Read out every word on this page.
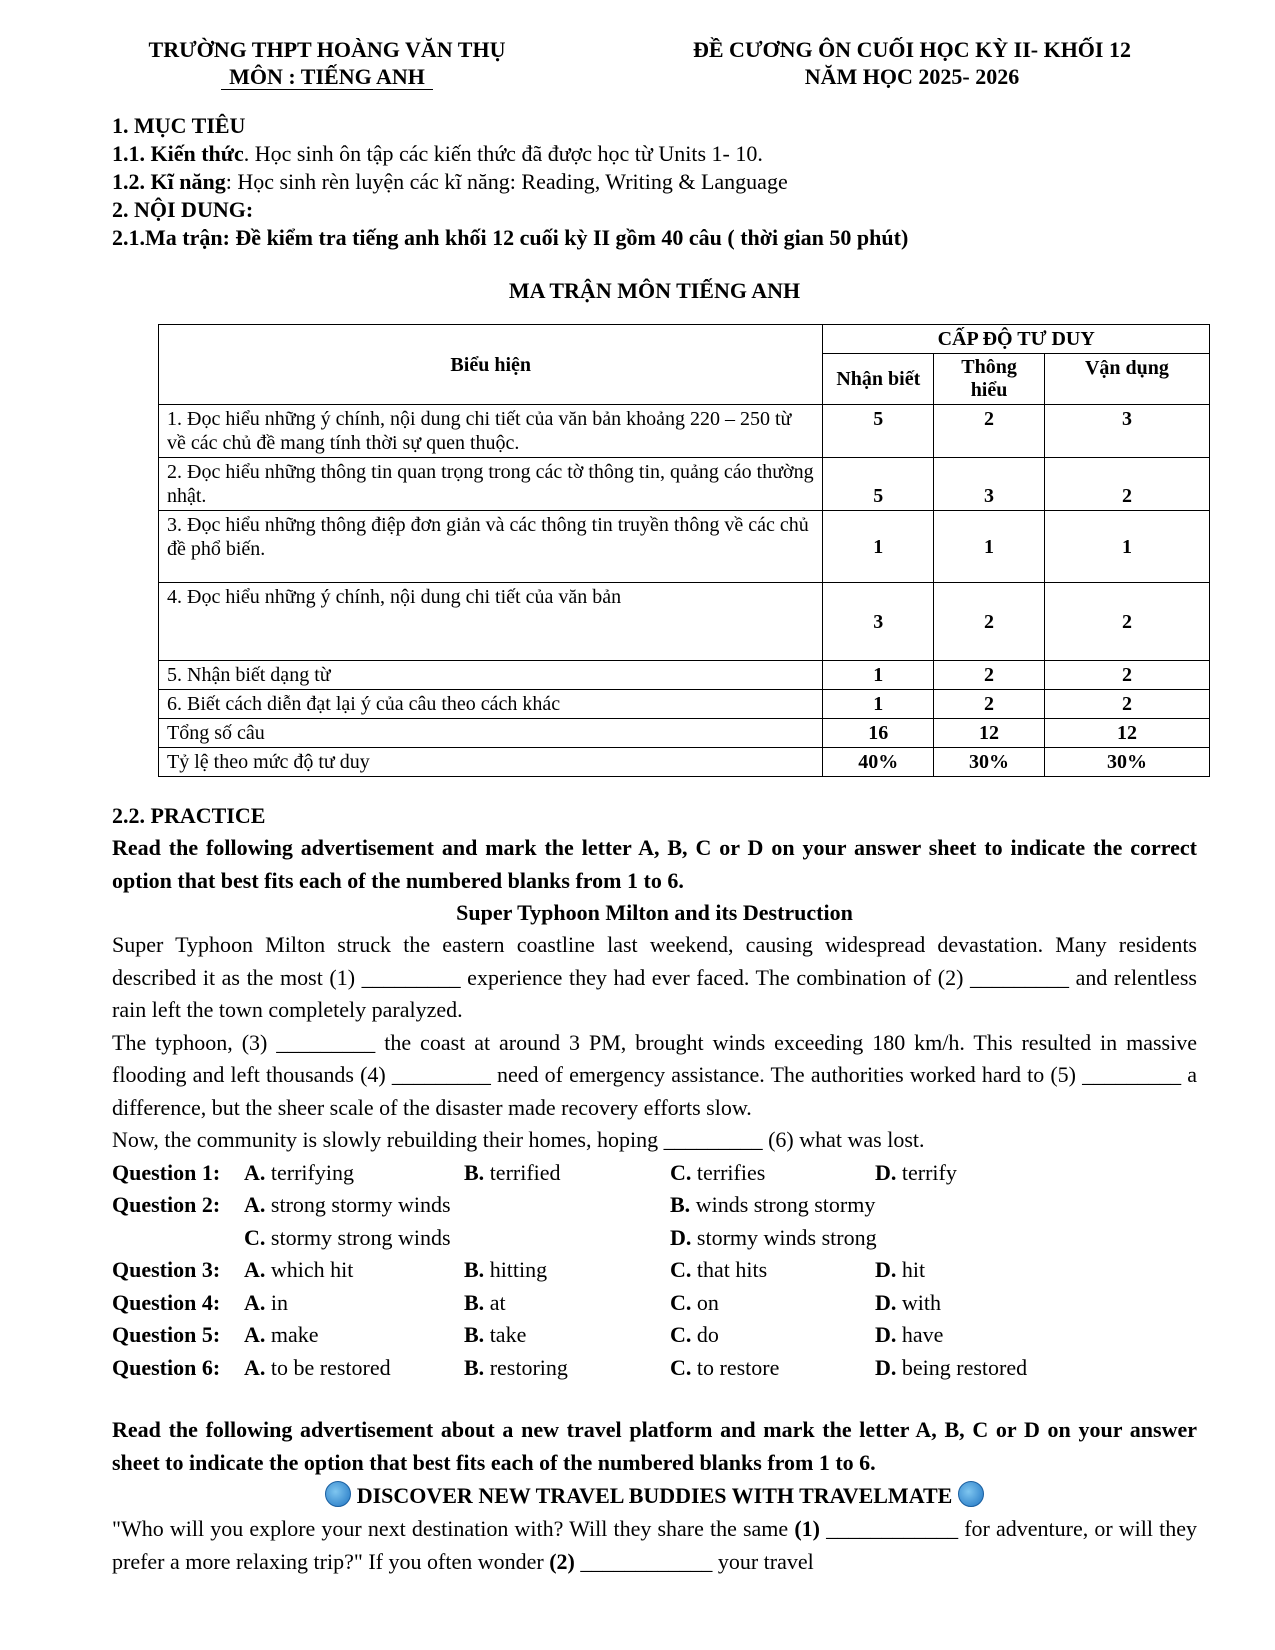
TRƯỜNG THPT HOÀNG VĂN THỤ
MÔN : TIẾNG ANH
ĐỀ CƯƠNG ÔN CUỐI HỌC KỲ II- KHỐI 12
NĂM HỌC 2025- 2026
1. MỤC TIÊU
1.1. Kiến thức. Học sinh ôn tập các kiến thức đã được học từ Units 1- 10.
1.2. Kĩ năng: Học sinh rèn luyện các kĩ năng: Reading, Writing & Language
2. NỘI DUNG:
2.1.Ma trận: Đề kiểm tra tiếng anh khối 12 cuối kỳ II gồm 40 câu ( thời gian 50 phút)
MA TRẬN MÔN TIẾNG ANH
Biểu hiện	CẤP ĐỘ TƯ DUY		
	Nhận biết	Thông hiểu	Vận dụng
1. Đọc hiểu những ý chính, nội dung chi tiết của văn bản khoảng 220 – 250 từ về các chủ đề mang tính thời sự quen thuộc.	5	2	3
2. Đọc hiểu những thông tin quan trọng trong các tờ thông tin, quảng cáo thường nhật.	5	3	2
3. Đọc hiểu những thông điệp đơn giản và các thông tin truyền thông về các chủ đề phổ biến.	1	1	1
4. Đọc hiểu những ý chính, nội dung chi tiết của văn bản	3	2	2
5. Nhận biết dạng từ	1	2	2
6. Biết cách diễn đạt lại ý của câu theo cách khác	1	2	2
Tổng số câu	16	12	12
Tỷ lệ theo mức độ tư duy	40%	30%	30%
2.2. PRACTICE
Read the following advertisement and mark the letter A, B, C or D on your answer sheet to indicate the correct option that best fits each of the numbered blanks from 1 to 6.
Super Typhoon Milton and its Destruction
Super Typhoon Milton struck the eastern coastline last weekend, causing widespread devastation. Many residents described it as the most (1) _________ experience they had ever faced. The combination of (2) _________ and relentless rain left the town completely paralyzed.
The typhoon, (3) _________ the coast at around 3 PM, brought winds exceeding 180 km/h. This resulted in massive flooding and left thousands (4) _________ need of emergency assistance. The authorities worked hard to (5) _________ a difference, but the sheer scale of the disaster made recovery efforts slow.
Now, the community is slowly rebuilding their homes, hoping _________ (6) what was lost.
Question 1:	A. terrifying	B. terrified	C. terrifies	D. terrify
Question 2:	A. strong stormy winds	B. winds strong stormy
C. stormy strong winds	D. stormy winds strong
Question 3:	A. which hit	B. hitting	C. that hits	D. hit
Question 4:	A. in	B. at	C. on	D. with
Question 5:	A. make	B. take	C. do	D. have
Question 6:	A. to be restored	B. restoring	C. to restore	D. being restored
Read the following advertisement about a new travel platform and mark the letter A, B, C or D on your answer sheet to indicate the option that best fits each of the numbered blanks from 1 to 6.
DISCOVER NEW TRAVEL BUDDIES WITH TRAVELMATE
"Who will you explore your next destination with? Will they share the same (1) ____________ for adventure, or will they prefer a more relaxing trip?" If you often wonder (2) ____________ your travel
